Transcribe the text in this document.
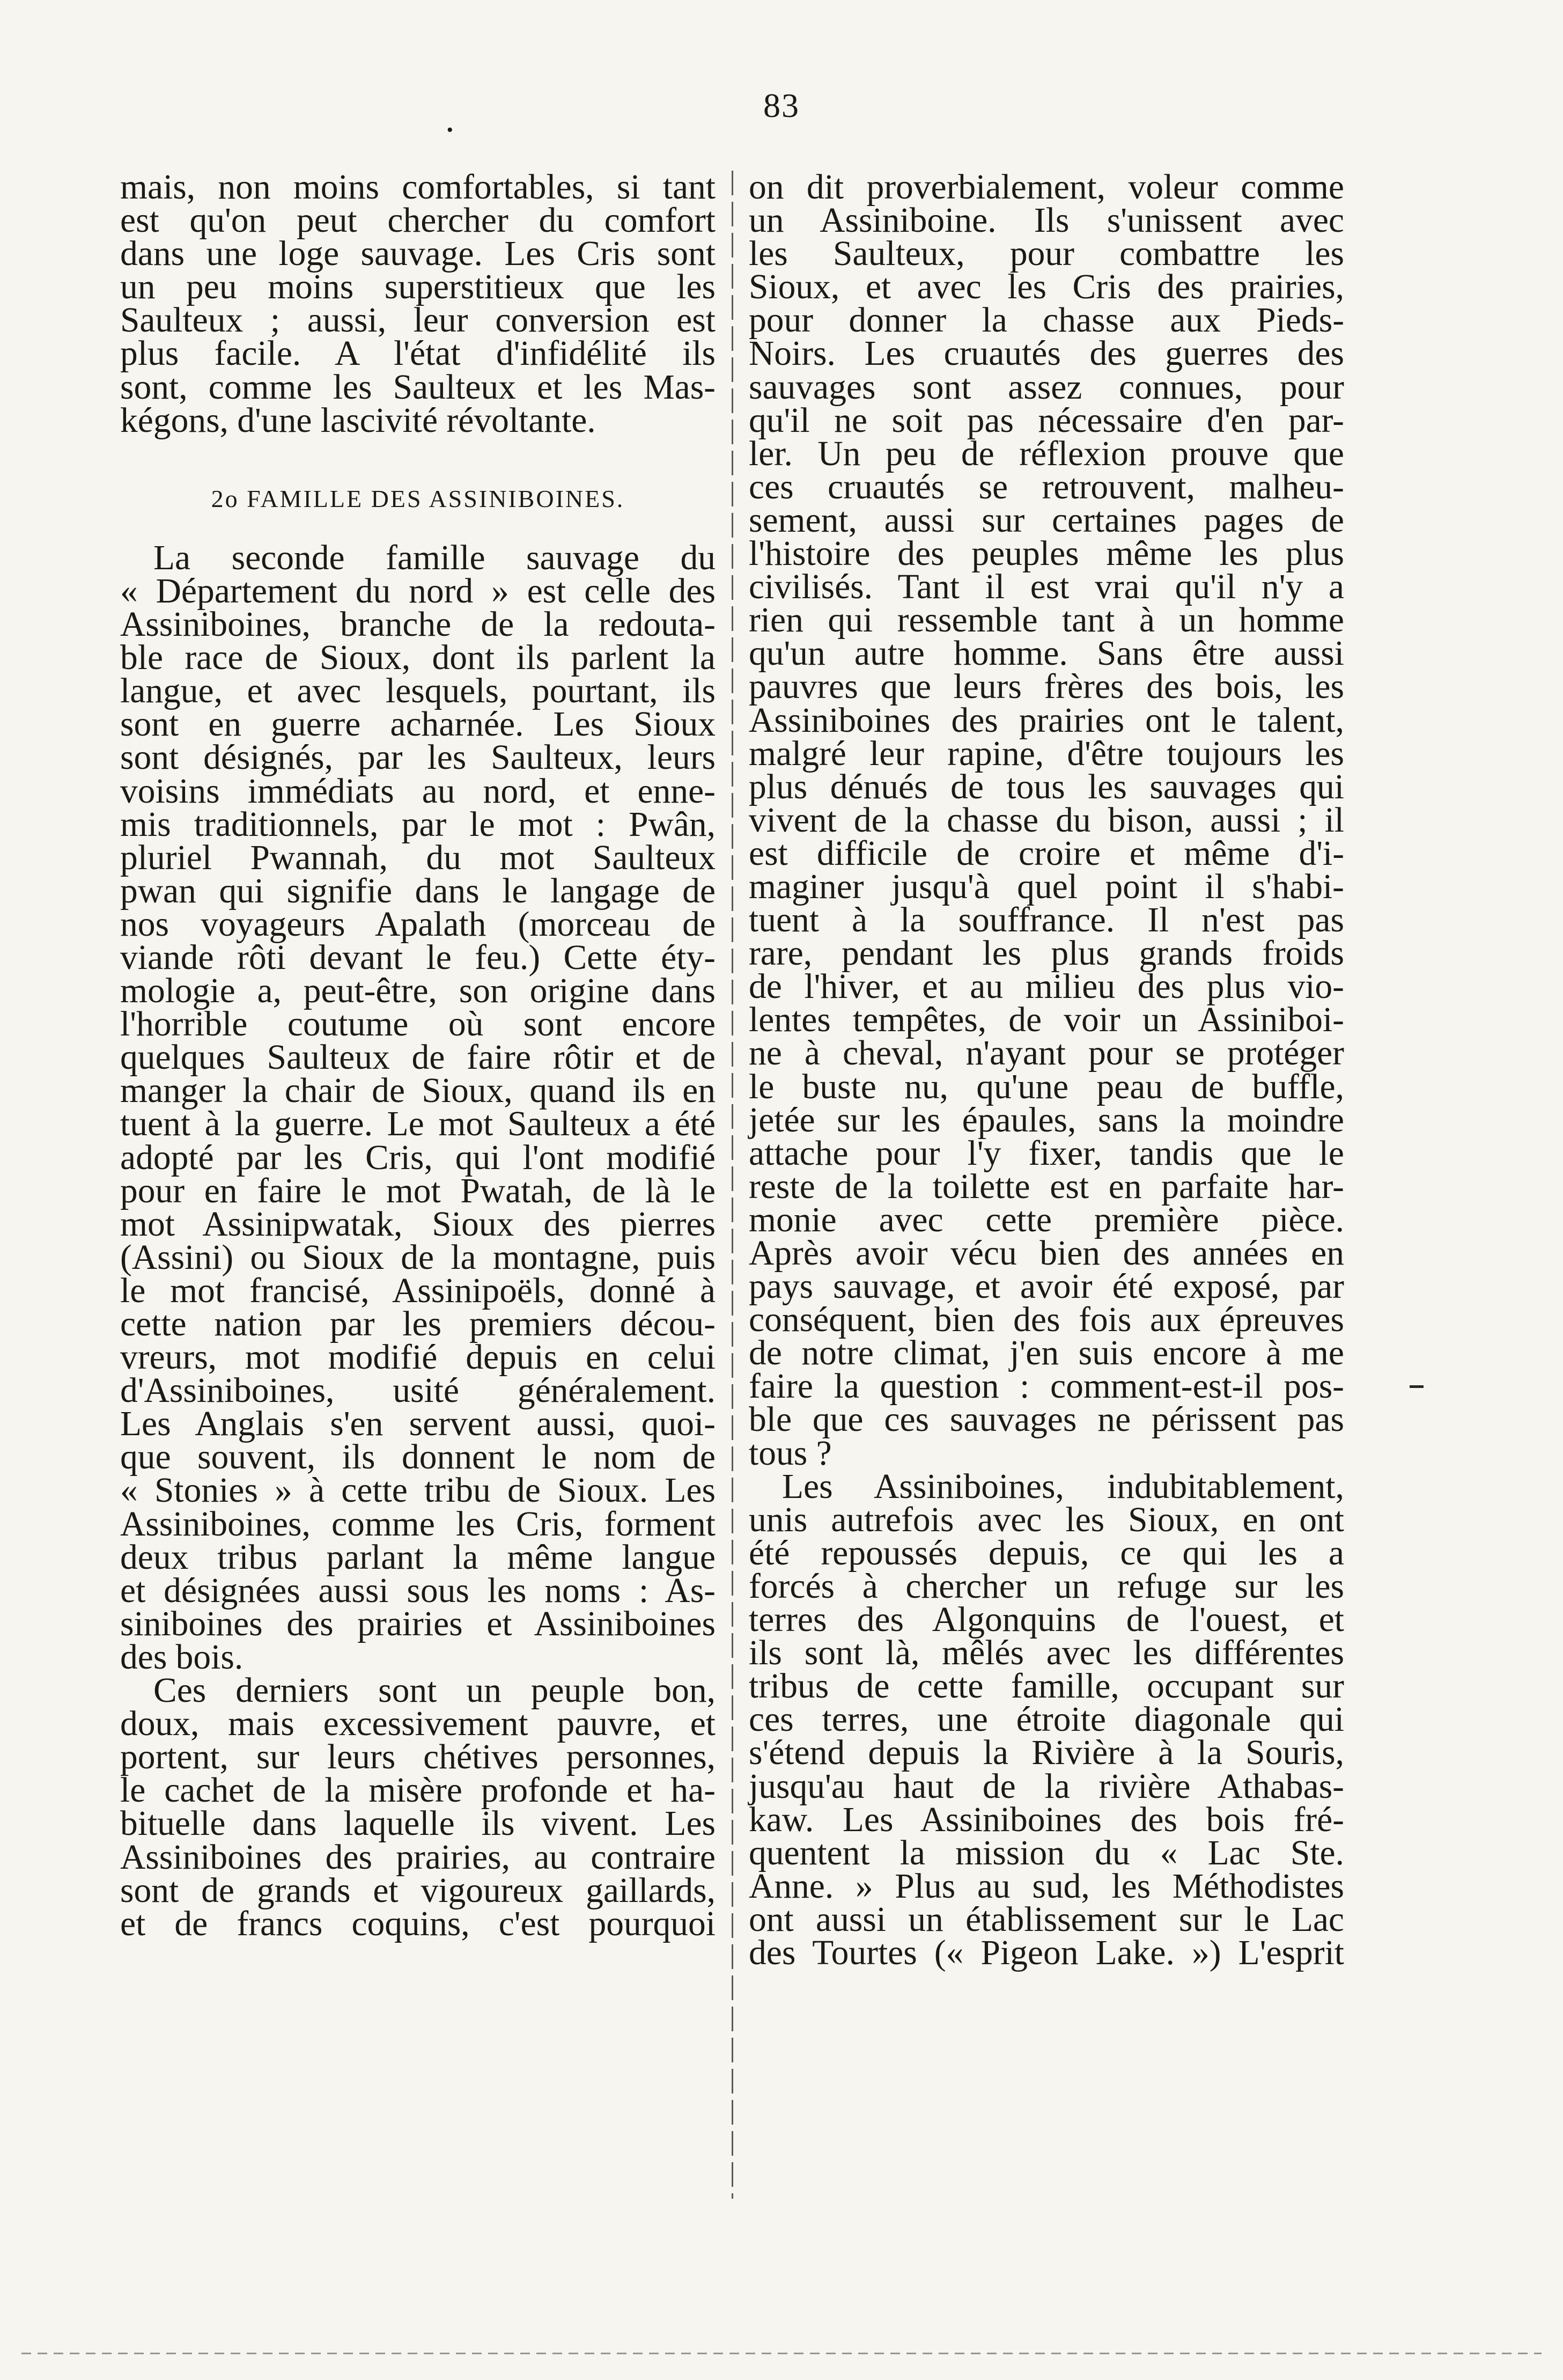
83
.
mais, non moins comfortables, si tant
est qu'on peut chercher du comfort
dans une loge sauvage. Les Cris sont
un peu moins superstitieux que les
Saulteux ; aussi, leur conversion est
plus facile. A l'état d'infidélité ils
sont, comme les Saulteux et les Mas-
kégons, d'une lascivité révoltante.
2o FAMILLE DES ASSINIBOINES.
La seconde famille sauvage du
« Département du nord » est celle des
Assiniboines, branche de la redouta-
ble race de Sioux, dont ils parlent la
langue, et avec lesquels, pourtant, ils
sont en guerre acharnée. Les Sioux
sont désignés, par les Saulteux, leurs
voisins immédiats au nord, et enne-
mis traditionnels, par le mot : Pwân,
pluriel Pwannah, du mot Saulteux
pwan qui signifie dans le langage de
nos voyageurs Apalath (morceau de
viande rôti devant le feu.) Cette éty-
mologie a, peut-être, son origine dans
l'horrible coutume où sont encore
quelques Saulteux de faire rôtir et de
manger la chair de Sioux, quand ils en
tuent à la guerre. Le mot Saulteux a été
adopté par les Cris, qui l'ont modifié
pour en faire le mot Pwatah, de là le
mot Assinipwatak, Sioux des pierres
(Assini) ou Sioux de la montagne, puis
le mot francisé, Assinipoëls, donné à
cette nation par les premiers décou-
vreurs, mot modifié depuis en celui
d'Assiniboines, usité généralement.
Les Anglais s'en servent aussi, quoi-
que souvent, ils donnent le nom de
« Stonies » à cette tribu de Sioux. Les
Assiniboines, comme les Cris, forment
deux tribus parlant la même langue
et désignées aussi sous les noms : As-
siniboines des prairies et Assiniboines
des bois.
Ces derniers sont un peuple bon,
doux, mais excessivement pauvre, et
portent, sur leurs chétives personnes,
le cachet de la misère profonde et ha-
bituelle dans laquelle ils vivent. Les
Assiniboines des prairies, au contraire
sont de grands et vigoureux gaillards,
et de francs coquins, c'est pourquoi
on dit proverbialement, voleur comme
un Assiniboine. Ils s'unissent avec
les Saulteux, pour combattre les
Sioux, et avec les Cris des prairies,
pour donner la chasse aux Pieds-
Noirs. Les cruautés des guerres des
sauvages sont assez connues, pour
qu'il ne soit pas nécessaire d'en par-
ler. Un peu de réflexion prouve que
ces cruautés se retrouvent, malheu-
sement, aussi sur certaines pages de
l'histoire des peuples même les plus
civilisés. Tant il est vrai qu'il n'y a
rien qui ressemble tant à un homme
qu'un autre homme. Sans être aussi
pauvres que leurs frères des bois, les
Assiniboines des prairies ont le talent,
malgré leur rapine, d'être toujours les
plus dénués de tous les sauvages qui
vivent de la chasse du bison, aussi ; il
est difficile de croire et même d'i-
maginer jusqu'à quel point il s'habi-
tuent à la souffrance. Il n'est pas
rare, pendant les plus grands froids
de l'hiver, et au milieu des plus vio-
lentes tempêtes, de voir un Assiniboi-
ne à cheval, n'ayant pour se protéger
le buste nu, qu'une peau de buffle,
jetée sur les épaules, sans la moindre
attache pour l'y fixer, tandis que le
reste de la toilette est en parfaite har-
monie avec cette première pièce.
Après avoir vécu bien des années en
pays sauvage, et avoir été exposé, par
conséquent, bien des fois aux épreuves
de notre climat, j'en suis encore à me
faire la question : comment-est-il pos-
ble que ces sauvages ne périssent pas
tous ?
Les Assiniboines, indubitablement,
unis autrefois avec les Sioux, en ont
été repoussés depuis, ce qui les a
forcés à chercher un refuge sur les
terres des Algonquins de l'ouest, et
ils sont là, mêlés avec les différentes
tribus de cette famille, occupant sur
ces terres, une étroite diagonale qui
s'étend depuis la Rivière à la Souris,
jusqu'au haut de la rivière Athabas-
kaw. Les Assiniboines des bois fré-
quentent la mission du « Lac Ste.
Anne. » Plus au sud, les Méthodistes
ont aussi un établissement sur le Lac
des Tourtes (« Pigeon Lake. ») L'esprit
